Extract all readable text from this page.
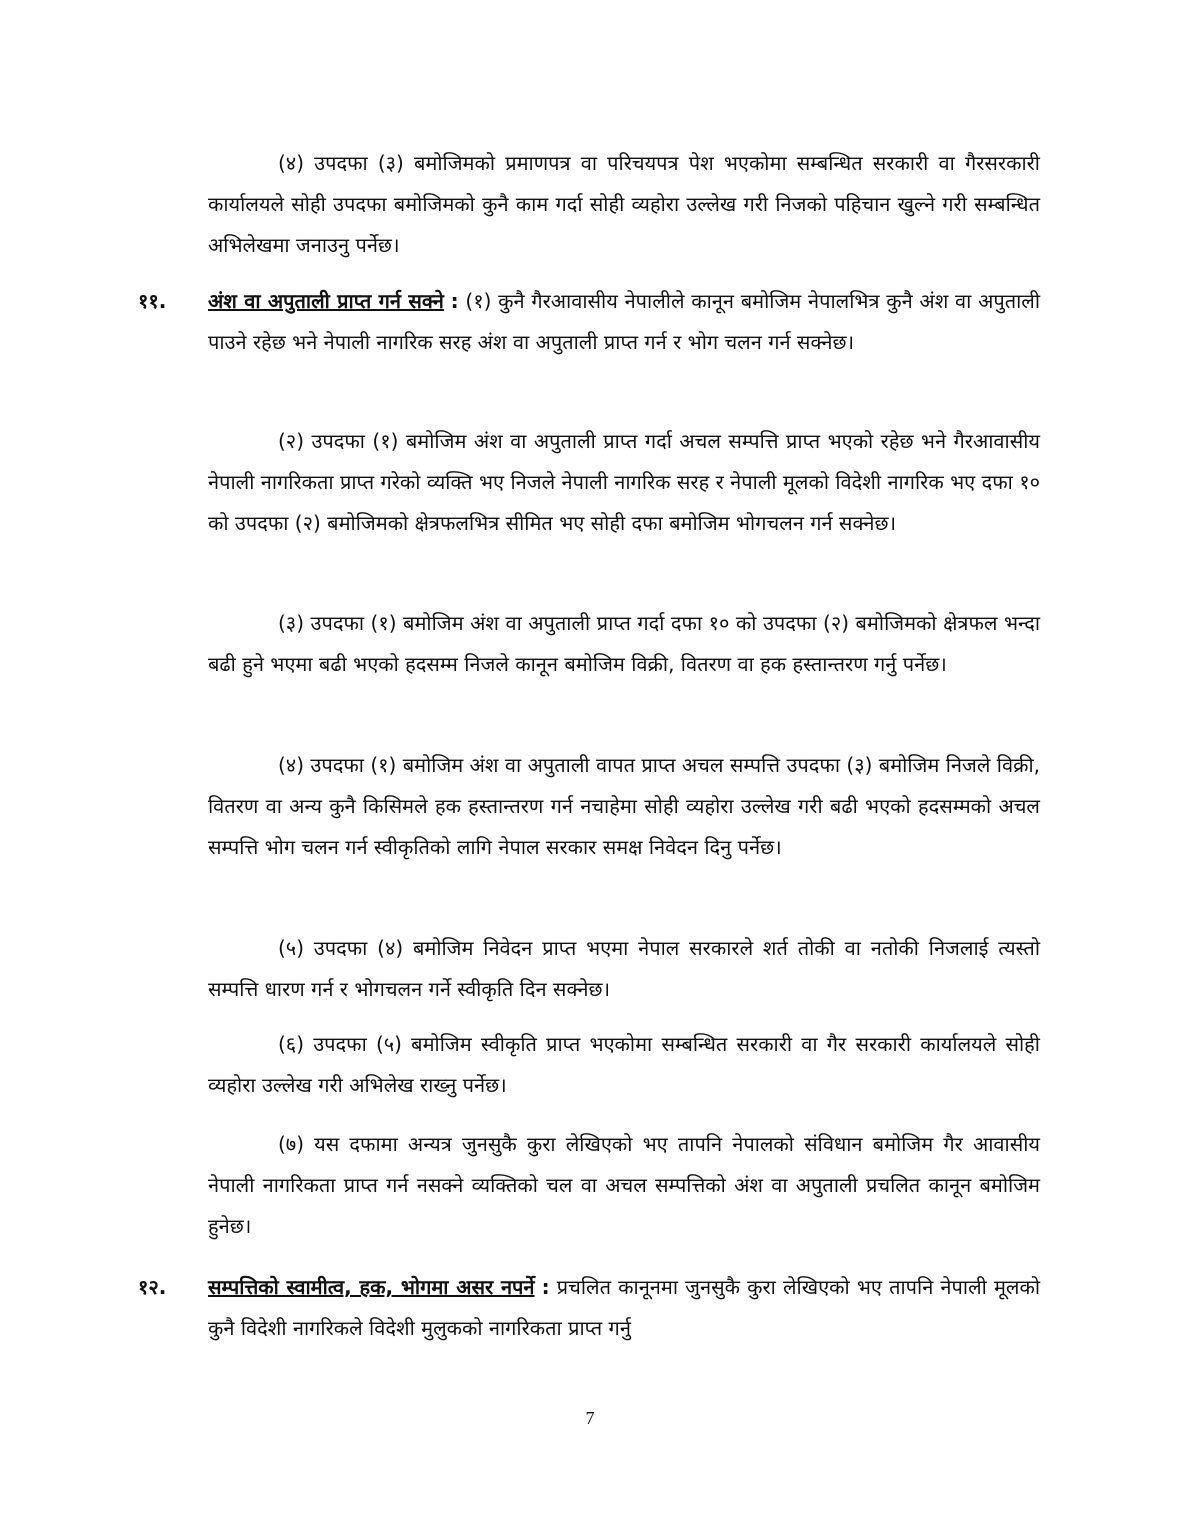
(४) उपदफा (३) बमोजिमको प्रमाणपत्र वा परिचयपत्र पेश भएकोमा सम्बन्धित सरकारी वा गैरसरकारी कार्यालयले सोही उपदफा बमोजिमको कुनै काम गर्दा सोही व्यहोरा उल्लेख गरी निजको पहिचान खुल्ने गरी सम्बन्धित अभिलेखमा जनाउनु पर्नेछ।

११.	अंश वा अपुताली प्राप्त गर्न सक्ने : (१) कुनै गैरआवासीय नेपालीले कानून बमोजिम नेपालभित्र कुनै अंश वा अपुताली पाउने रहेछ भने नेपाली नागरिक सरह अंश वा अपुताली प्राप्त गर्न र भोग चलन गर्न सक्नेछ।

(२) उपदफा (१) बमोजिम अंश वा अपुताली प्राप्त गर्दा अचल सम्पत्ति प्राप्त भएको रहेछ भने गैरआवासीय नेपाली नागरिकता प्राप्त गरेको व्यक्ति भए निजले नेपाली नागरिक सरह र नेपाली मूलको विदेशी नागरिक भए दफा १० को उपदफा (२) बमोजिमको क्षेत्रफलभित्र सीमित भए सोही दफा बमोजिम भोगचलन गर्न सक्नेछ।

(३) उपदफा (१) बमोजिम अंश वा अपुताली प्राप्त गर्दा दफा १० को उपदफा (२) बमोजिमको क्षेत्रफल भन्दा बढी हुने भएमा बढी भएको हदसम्म निजले कानून बमोजिम विक्री, वितरण वा हक हस्तान्तरण गर्नु पर्नेछ।

(४) उपदफा (१) बमोजिम अंश वा अपुताली वापत प्राप्त अचल सम्पत्ति उपदफा (३) बमोजिम निजले विक्री, वितरण वा अन्य कुनै किसिमले हक हस्तान्तरण गर्न नचाहेमा सोही व्यहोरा उल्लेख गरी बढी भएको हदसम्मको अचल सम्पत्ति भोग चलन गर्न स्वीकृतिको लागि नेपाल सरकार समक्ष निवेदन दिनु पर्नेछ।

(५) उपदफा (४) बमोजिम निवेदन प्राप्त भएमा नेपाल सरकारले शर्त तोकी वा नतोकी निजलाई त्यस्तो सम्पत्ति धारण गर्न र भोगचलन गर्ने स्वीकृति दिन सक्नेछ।

(६) उपदफा (५) बमोजिम स्वीकृति प्राप्त भएकोमा सम्बन्धित सरकारी वा गैर सरकारी कार्यालयले सोही व्यहोरा उल्लेख गरी अभिलेख राख्नु पर्नेछ।

(७) यस दफामा अन्यत्र जुनसुकै कुरा लेखिएको भए तापनि नेपालको संविधान बमोजिम गैर आवासीय नेपाली नागरिकता प्राप्त गर्न नसक्ने व्यक्तिको चल वा अचल सम्पत्तिको अंश वा अपुताली प्रचलित कानून बमोजिम हुनेछ।

१२.	सम्पत्तिको स्वामीत्व, हक, भोगमा असर नपर्ने : प्रचलित कानूनमा जुनसुकै कुरा लेखिएको भए तापनि नेपाली मूलको कुनै विदेशी नागरिकले विदेशी मुलुकको नागरिकता प्राप्त गर्नु

7
